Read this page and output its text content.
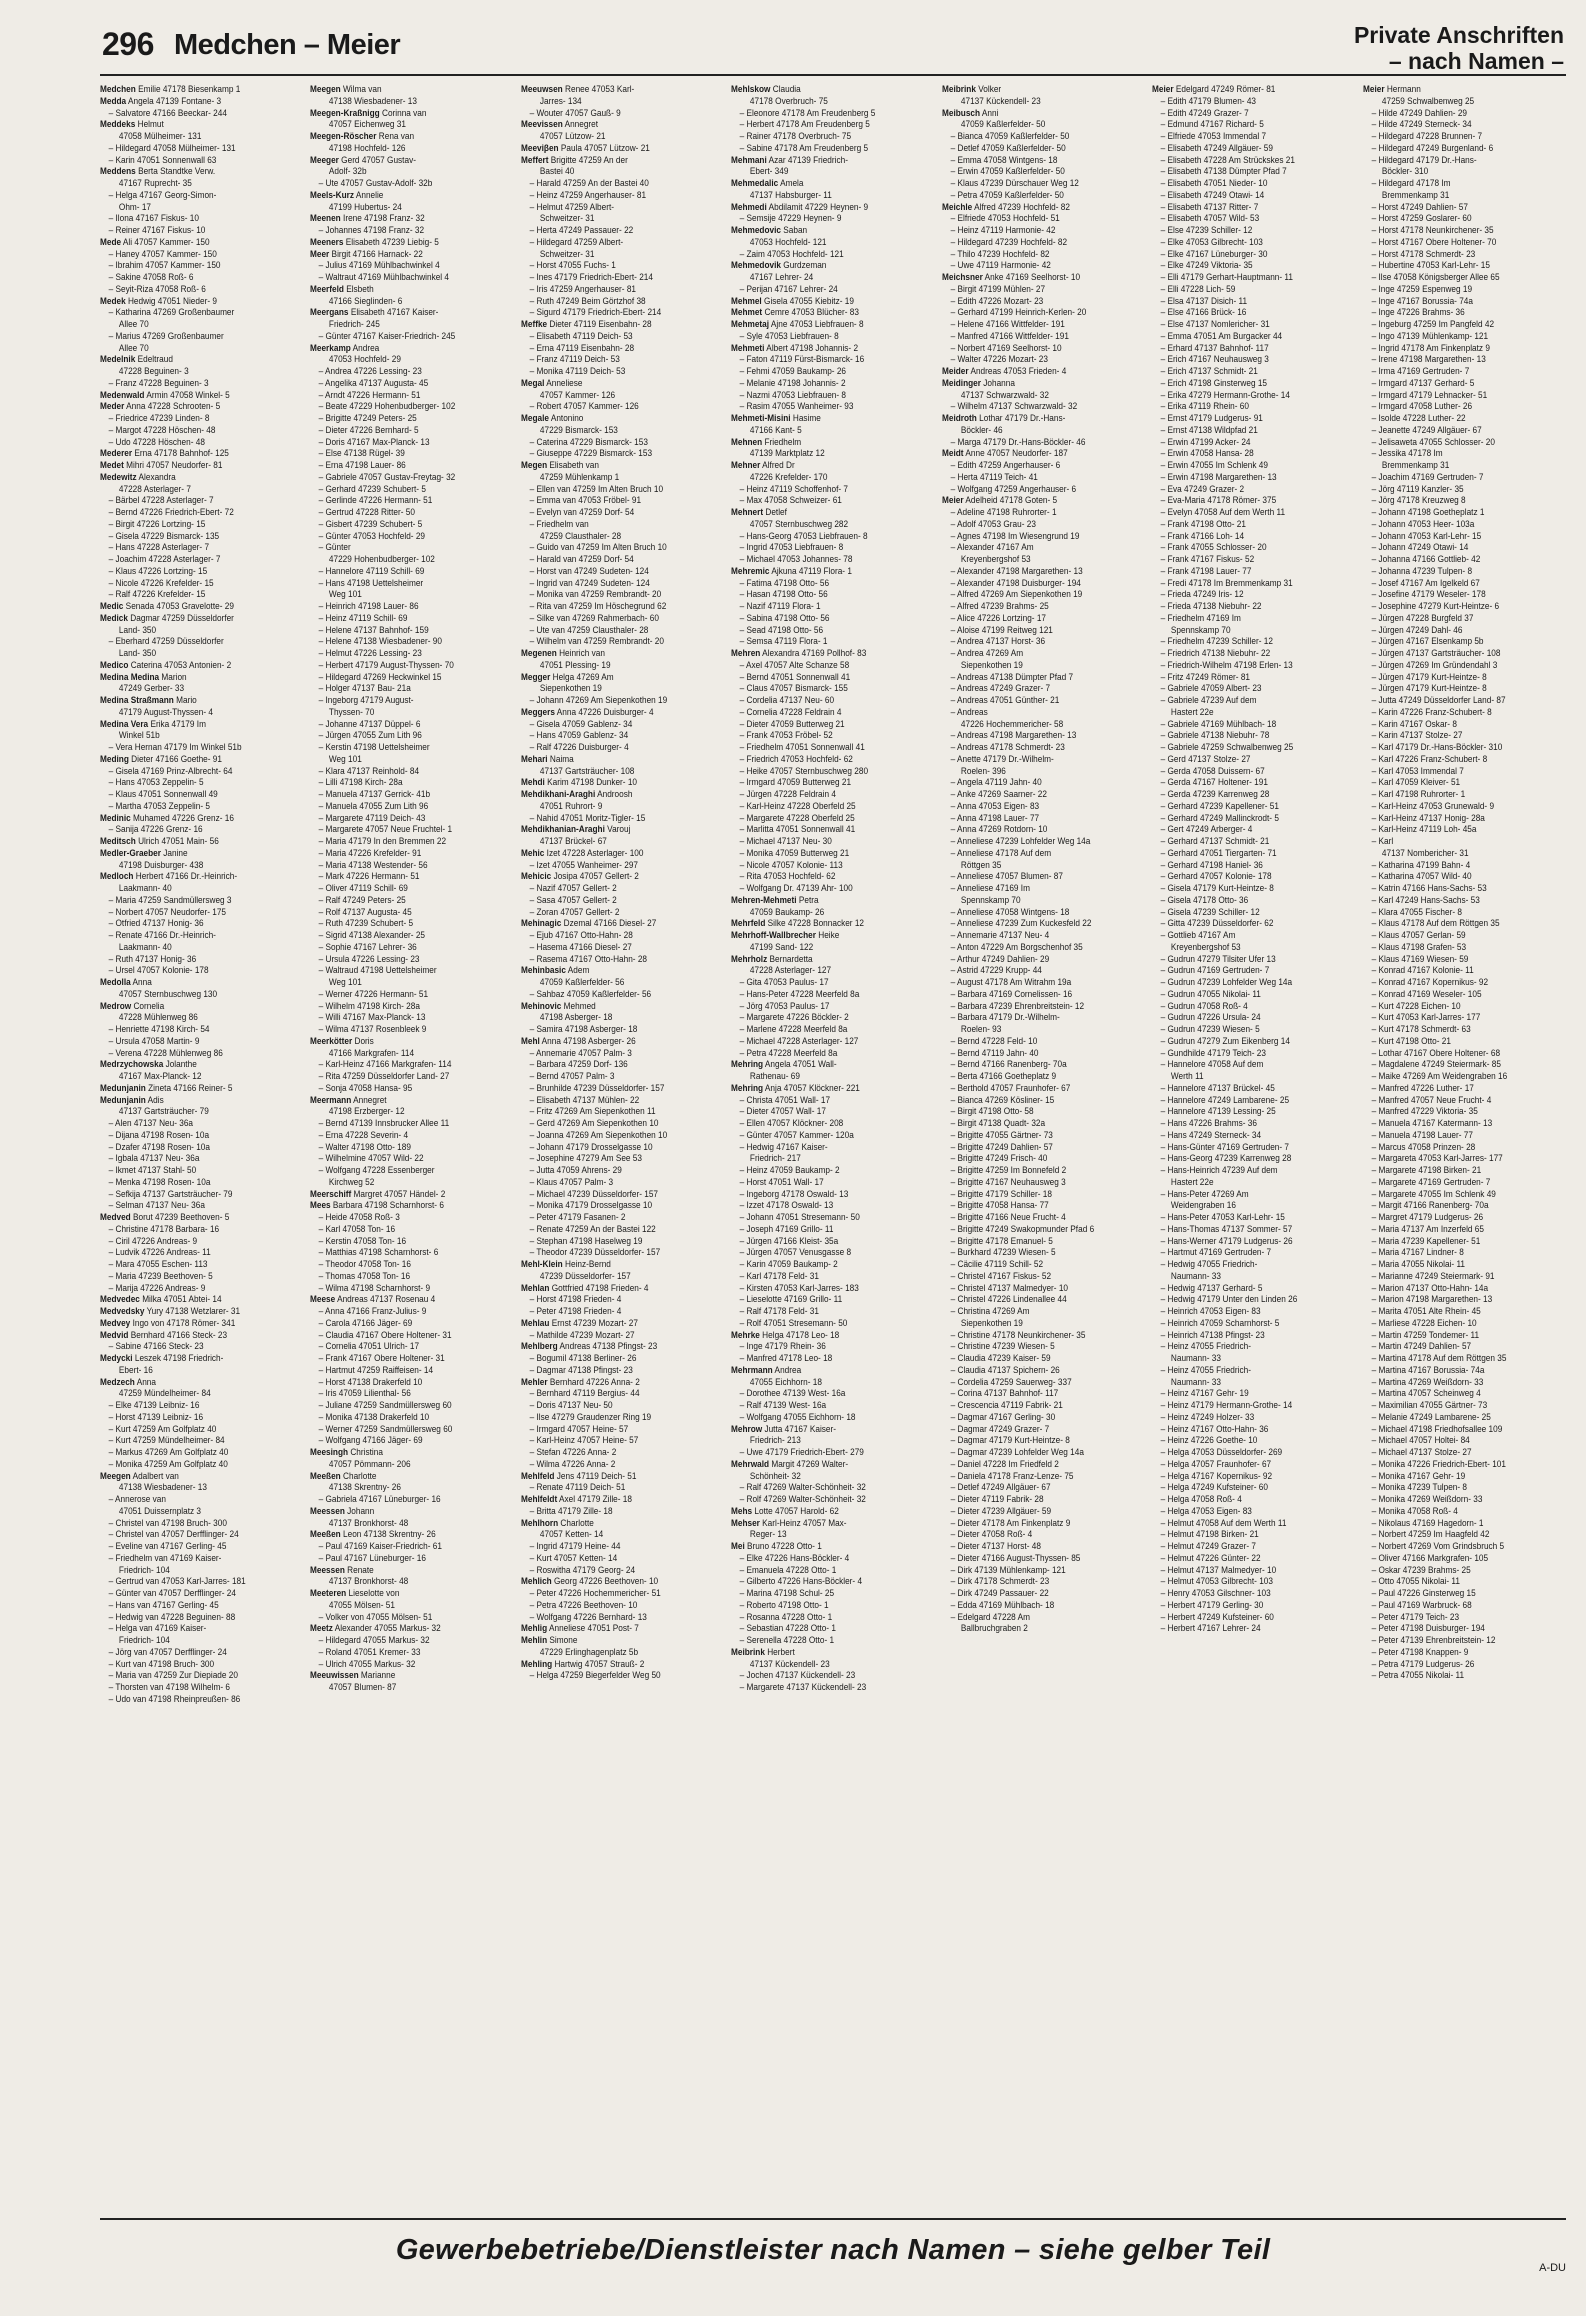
296 Medchen – Meier	Private Anschriften
– nach Namen –
Medchen Emilie 47178 Biesenkamp 1
Medda Angela 47139 Fontane- 3
– Salvatore 47166 Beeckar- 244
Meddeks Helmut
47058 Mülheimer- 131
– Hildegard 47058 Mülheimer- 131
– Karin 47051 Sonnenwall 63
Meddens Berta Standtke Verw.
47167 Ruprecht- 35
– Helga 47167 Georg-Simon-
Ohm- 17
– Ilona 47167 Fiskus- 10
– Reiner 47167 Fiskus- 10
Mede Ali 47057 Kammer- 150
– Haney 47057 Kammer- 150
– Ibrahim 47057 Kammer- 150
– Sakine 47058 Roß- 6
– Seyit-Riza 47058 Roß- 6
Medek Hedwig 47051 Nieder- 9
– Katharina 47269 Großenbaumer
Allee 70
– Marius 47269 Großenbaumer
Allee 70
Medelnik Edeltraud
47228 Beguinen- 3
– Franz 47228 Beguinen- 3
Medenwald Armin 47058 Winkel- 5
Meder Anna 47228 Schrooten- 5
– Friedrice 47239 Linden- 8
– Margot 47228 Höschen- 48
– Udo 47228 Höschen- 48
Mederer Erna 47178 Bahnhof- 125
Medet Mihri 47057 Neudorfer- 81
Medewitz Alexandra
47228 Asterlager- 7
– Bärbel 47228 Asterlager- 7
– Bernd 47226 Friedrich-Ebert- 72
– Birgit 47226 Lortzing- 15
– Gisela 47229 Bismarck- 135
– Hans 47228 Asterlager- 7
– Joachim 47228 Asterlager- 7
– Klaus 47226 Lortzing- 15
– Nicole 47226 Krefelder- 15
– Ralf 47226 Krefelder- 15
Medic Senada 47053 Gravelotte- 29
Medick Dagmar 47259 Düsseldorfer
Land- 350
– Eberhard 47259 Düsseldorfer
Land- 350
Medico Caterina 47053 Antonien- 2
Medina Medina Marion
47249 Gerber- 33
Medina Straßmann Mario
47179 August-Thyssen- 4
Medina Vera Erika 47179 Im
Winkel 51b
– Vera Hernan 47179 Im Winkel 51b
Meding Dieter 47166 Goethe- 91
– Gisela 47169 Prinz-Albrecht- 64
– Hans 47053 Zeppelin- 5
– Klaus 47051 Sonnenwall 49
– Martha 47053 Zeppelin- 5
Medinic Muhamed 47226 Grenz- 16
– Sanija 47226 Grenz- 16
Meditsch Ulrich 47051 Main- 56
Medler-Graeber Janine
47198 Duisburger- 438
Medloch Herbert 47166 Dr.-Heinrich-
Laakmann- 40
– Maria 47259 Sandmüllersweg 3
– Norbert 47057 Neudorfer- 175
– Otfried 47137 Honig- 36
– Renate 47166 Dr.-Heinrich-
Laakmann- 40
– Ruth 47137 Honig- 36
– Ursel 47057 Kolonie- 178
Medolla Anna
47057 Sternbuschweg 130
Medrow Cornelia
47228 Mühlenweg 86
– Henriette 47198 Kirch- 54
– Ursula 47058 Martin- 9
– Verena 47228 Mühlenweg 86
Medrzychowska Jolanthe
47167 Max-Planck- 12
Medunjanin Zineta 47166 Reiner- 5
Medunjanin Adis
47137 Gartsträucher- 79
– Alen 47137 Neu- 36a
– Dijana 47198 Rosen- 10a
– Dzafer 47198 Rosen- 10a
– Igbala 47137 Neu- 36a
– Ikmet 47137 Stahl- 50
– Menka 47198 Rosen- 10a
– Sefkija 47137 Gartsträucher- 79
– Selman 47137 Neu- 36a
Medved Borut 47239 Beethoven- 5
– Christine 47178 Barbara- 16
– Ciril 47226 Andreas- 9
– Ludvik 47226 Andreas- 11
– Mara 47055 Eschen- 113
– Maria 47239 Beethoven- 5
– Marija 47226 Andreas- 9
Medvedec Milka 47051 Abtei- 14
Medvedsky Yury 47138 Wetzlarer- 31
Medvey Ingo von 47178 Römer- 341
Medvid Bernhard 47166 Steck- 23
– Sabine 47166 Steck- 23
Medycki Leszek 47198 Friedrich-
Ebert- 16
Medzech Anna
47259 Mündelheimer- 84
– Elke 47139 Leibniz- 16
– Horst 47139 Leibniz- 16
– Kurt 47259 Am Golfplatz 40
– Kurt 47259 Mündelheimer- 84
– Markus 47269 Am Golfplatz 40
– Monika 47259 Am Golfplatz 40
Meegen Adalbert van
47138 Wiesbadener- 13
– Annerose van
47051 Duissernplatz 3
– Christel van 47198 Bruch- 300
– Christel van 47057 Derfflinger- 24
– Eveline van 47167 Gerling- 45
– Friedhelm van 47169 Kaiser-
Friedrich- 104
– Gertrud van 47053 Karl-Jarres- 181
– Günter van 47057 Derfflinger- 24
– Hans van 47167 Gerling- 45
– Hedwig van 47228 Beguinen- 88
– Helga van 47169 Kaiser-
Friedrich- 104
– Jörg van 47057 Derfflinger- 24
– Kurt van 47198 Bruch- 300
– Maria van 47259 Zur Diepiade 20
– Thorsten van 47198 Wilhelm- 6
– Udo van 47198 Rheinpreußen- 86
Meegen Wilma van
47138 Wiesbadener- 13
Meegen-Kraßnigg Corinna van
47057 Eichenweg 31
Meegen-Röscher Rena van
47198 Hochfeld- 126
Meeger Gerd 47057 Gustav-
Adolf- 32b
– Ute 47057 Gustav-Adolf- 32b
Meels-Kurz Annelie
47199 Hubertus- 24
Meenen Irene 47198 Franz- 32
– Johannes 47198 Franz- 32
Meeners Elisabeth 47239 Liebig- 5
Meer Birgit 47166 Harnack- 22
– Julius 47169 Mühlbachwinkel 4
– Waltraut 47169 Mühlbachwinkel 4
Meerfeld Elsbeth
47166 Sieglinden- 6
Meergans Elisabeth 47167 Kaiser-
Friedrich- 245
– Günter 47167 Kaiser-Friedrich- 245
Meerkamp Andrea
47053 Hochfeld- 29
– Andrea 47226 Lessing- 23
– Angelika 47137 Augusta- 45
– Arndt 47226 Hermann- 51
– Beate 47229 Hohenbudberger- 102
– Brigitte 47249 Peters- 25
– Dieter 47226 Bernhard- 5
– Doris 47167 Max-Planck- 13
– Else 47138 Rügel- 39
– Erna 47198 Lauer- 86
– Gabriele 47057 Gustav-Freytag- 32
– Gerhard 47239 Schubert- 5
– Gerlinde 47226 Hermann- 51
– Gertrud 47228 Ritter- 50
– Gisbert 47239 Schubert- 5
– Günter 47053 Hochfeld- 29
– Günter
47229 Hohenbudberger- 102
– Hannelore 47119 Schill- 69
– Hans 47198 Uettelsheimer
Weg 101
– Heinrich 47198 Lauer- 86
– Heinz 47119 Schill- 69
– Helene 47137 Bahnhof- 159
– Helene 47138 Wiesbadener- 90
– Helmut 47226 Lessing- 23
– Herbert 47179 August-Thyssen- 70
– Hildegard 47269 Heckwinkel 15
– Holger 47137 Bau- 21a
– Ingeborg 47179 August-
Thyssen- 70
– Johanne 47137 Düppel- 6
– Jürgen 47055 Zum Lith 96
– Kerstin 47198 Uettelsheimer
Weg 101
– Klara 47137 Reinhold- 84
– Lilli 47198 Kirch- 28a
– Manuela 47137 Gerrick- 41b
– Manuela 47055 Zum Lith 96
– Margarete 47119 Deich- 43
– Margarete 47057 Neue Fruchtel- 1
– Maria 47179 In den Bremmen 22
– Maria 47226 Krefelder- 91
– Maria 47138 Westender- 56
– Mark 47226 Hermann- 51
– Oliver 47119 Schill- 69
– Ralf 47249 Peters- 25
– Rolf 47137 Augusta- 45
– Ruth 47239 Schubert- 5
– Sigrid 47138 Alexander- 25
– Sophie 47167 Lehrer- 36
– Ursula 47226 Lessing- 23
– Waltraud 47198 Uettelsheimer
Weg 101
– Werner 47226 Hermann- 51
– Wilhelm 47198 Kirch- 28a
– Willi 47167 Max-Planck- 13
– Wilma 47137 Rosenbleek 9
Meerkötter Doris
47166 Markgrafen- 114
– Karl-Heinz 47166 Markgrafen- 114
– Rita 47259 Düsseldorfer Land- 27
– Sonja 47058 Hansa- 95
Meermann Annegret
47198 Erzberger- 12
– Bernd 47139 Innsbrucker Allee 11
– Erna 47228 Severin- 4
– Walter 47198 Otto- 189
– Wilhelmine 47057 Wild- 22
– Wolfgang 47228 Essenberger
Kirchweg 52
Meerschiff Margret 47057 Händel- 2
Mees Barbara 47198 Scharnhorst- 6
– Heide 47058 Roß- 3
– Karl 47058 Ton- 16
– Kerstin 47058 Ton- 16
– Matthias 47198 Scharnhorst- 6
– Theodor 47058 Ton- 16
– Thomas 47058 Ton- 16
– Wilma 47198 Scharnhorst- 9
Meese Andreas 47137 Rosenau 4
– Anna 47166 Franz-Julius- 9
– Carola 47166 Jäger- 69
– Claudia 47167 Obere Holtener- 31
– Cornelia 47051 Ulrich- 17
– Frank 47167 Obere Holtener- 31
– Hartmut 47259 Raiffeisen- 14
– Horst 47138 Drakerfeld 10
– Iris 47059 Lilienthal- 56
– Juliane 47259 Sandmüllersweg 60
– Monika 47138 Drakerfeld 10
– Werner 47259 Sandmüllersweg 60
– Wolfgang 47166 Jäger- 69
Meesingh Christina
47057 Pömmann- 206
Meeßen Charlotte
47138 Skrentny- 26
– Gabriela 47167 Lüneburger- 16
Meessen Johann
47137 Bronkhorst- 48
Meeßen Leon 47138 Skrentny- 26
– Paul 47169 Kaiser-Friedrich- 61
– Paul 47167 Lüneburger- 16
Meessen Renate
47137 Bronkhorst- 48
Meeteren Lieselotte von
47055 Mölsen- 51
– Volker von 47055 Mölsen- 51
Meetz Alexander 47055 Markus- 32
– Hildegard 47055 Markus- 32
– Roland 47051 Kremer- 33
– Ulrich 47055 Markus- 32
Meeuwissen Marianne
47057 Blumen- 87
Meeuwsen Renee 47053 Karl-
Jarres- 134
– Wouter 47057 Gauß- 9
Meevissen Annegret
47057 Lützow- 21
Meeviβen Paula 47057 Lützow- 21
Meffert Brigitte 47259 An der
Bastei 40
– Harald 47259 An der Bastei 40
– Heinz 47259 Angerhauser- 81
– Helmut 47259 Albert-
Schweitzer- 31
– Herta 47249 Passauer- 22
– Hildegard 47259 Albert-
Schweitzer- 31
– Horst 47055 Fuchs- 1
– Ines 47179 Friedrich-Ebert- 214
– Iris 47259 Angerhauser- 81
– Ruth 47249 Beim Görtzhof 38
– Sigurd 47179 Friedrich-Ebert- 214
Meffke Dieter 47119 Eisenbahn- 28
– Elisabeth 47119 Deich- 53
– Erna 47119 Eisenbahn- 28
– Franz 47119 Deich- 53
– Monika 47119 Deich- 53
Megal Anneliese
47057 Kammer- 126
– Robert 47057 Kammer- 126
Megale Antonino
47229 Bismarck- 153
– Caterina 47229 Bismarck- 153
– Giuseppe 47229 Bismarck- 153
Megen Elisabeth van
47259 Mühlenkamp 1
– Ellen van 47259 Im Alten Bruch 10
– Emma van 47053 Fröbel- 91
– Evelyn van 47259 Dorf- 54
– Friedhelm van
47259 Clausthaler- 28
– Guido van 47259 Im Alten Bruch 10
– Harald van 47259 Dorf- 54
– Horst van 47249 Sudeten- 124
– Ingrid van 47249 Sudeten- 124
– Monika van 47259 Rembrandt- 20
– Rita van 47259 Im Höschegrund 62
– Silke van 47269 Rahmerbach- 60
– Ute van 47259 Clausthaler- 28
– Wilhelm van 47259 Rembrandt- 20
Megenen Heinrich van
47051 Plessing- 19
Megger Helga 47269 Am
Siepenkothen 19
– Johann 47269 Am Siepenkothen 19
Meggers Anna 47226 Duisburger- 4
– Gisela 47059 Gablenz- 34
– Hans 47059 Gablenz- 34
– Ralf 47226 Duisburger- 4
Mehari Naima
47137 Gartsträucher- 108
Mehdi Karim 47198 Dunker- 10
Mehdikhani-Araghi Androosh
47051 Ruhrort- 9
– Nahid 47051 Moritz-Tigler- 15
Mehdikhanian-Araghi Varouj
47137 Brückel- 67
Mehic Izet 47228 Asterlager- 100
– Izet 47055 Wanheimer- 297
Mehicic Josipa 47057 Gellert- 2
– Nazif 47057 Gellert- 2
– Sasa 47057 Gellert- 2
– Zoran 47057 Gellert- 2
Mehinagic Dzemal 47166 Diesel- 27
– Ejub 47167 Otto-Hahn- 28
– Hasema 47166 Diesel- 27
– Rasema 47167 Otto-Hahn- 28
Mehinbasic Adem
47059 Kaßlerfelder- 56
– Sahbaz 47059 Kaßlerfelder- 56
Mehinovic Mehmed
47198 Asberger- 18
– Samira 47198 Asberger- 18
Mehl Anna 47198 Asberger- 26
– Annemarie 47057 Palm- 3
– Barbara 47259 Dorf- 136
– Bernd 47057 Palm- 3
– Brunhilde 47239 Düsseldorfer- 157
– Elisabeth 47137 Mühlen- 22
– Fritz 47269 Am Siepenkothen 11
– Gerd 47269 Am Siepenkothen 10
– Joanna 47269 Am Siepenkothen 10
– Johann 47179 Drosselgasse 10
– Josephine 47279 Am See 53
– Jutta 47059 Ahrens- 29
– Klaus 47057 Palm- 3
– Michael 47239 Düsseldorfer- 157
– Monika 47179 Drosselgasse 10
– Peter 47179 Fasanen- 2
– Renate 47259 An der Bastei 122
– Stephan 47198 Haselweg 19
– Theodor 47239 Düsseldorfer- 157
Mehl-Klein Heinz-Bernd
47239 Düsseldorfer- 157
Mehlan Gottfried 47198 Frieden- 4
– Horst 47198 Frieden- 4
– Peter 47198 Frieden- 4
Mehlau Ernst 47239 Mozart- 27
– Mathilde 47239 Mozart- 27
Mehlberg Andreas 47138 Pfingst- 23
– Bogumil 47138 Berliner- 26
– Dagmar 47138 Pfingst- 23
Mehler Bernhard 47226 Anna- 2
– Bernhard 47119 Bergius- 44
– Doris 47137 Neu- 50
– Ilse 47279 Graudenzer Ring 19
– Irmgard 47057 Heine- 57
– Karl-Heinz 47057 Heine- 57
– Stefan 47226 Anna- 2
– Wilma 47226 Anna- 2
Mehlfeld Jens 47119 Deich- 51
– Renate 47119 Deich- 51
Mehlfeldt Axel 47179 Zille- 18
– Britta 47179 Zille- 18
Mehlhorn Charlotte
47057 Ketten- 14
– Ingrid 47179 Heine- 44
– Kurt 47057 Ketten- 14
– Roswitha 47179 Georg- 24
Mehlich Georg 47226 Beethoven- 10
– Peter 47226 Hochemmericher- 51
– Petra 47226 Beethoven- 10
– Wolfgang 47226 Bernhard- 13
Mehlig Anneliese 47051 Post- 7
Mehlin Simone
47229 Erlinghagenplatz 5b
Mehling Hartwig 47057 Strauß- 2
– Helga 47259 Biegerfelder Weg 50
Mehlskow Claudia
47178 Overbruch- 75
– Eleonore 47178 Am Freudenberg 5
– Herbert 47178 Am Freudenberg 5
– Rainer 47178 Overbruch- 75
– Sabine 47178 Am Freudenberg 5
Mehmani Azar 47139 Friedrich-
Ebert- 349
Mehmedalic Amela
47137 Habsburger- 11
Mehmedi Abdilamit 47229 Heynen- 9
– Semsije 47229 Heynen- 9
Mehmedovic Saban
47053 Hochfeld- 121
– Zaim 47053 Hochfeld- 121
Mehmedovik Gurdzeman
47167 Lehrer- 24
– Perijan 47167 Lehrer- 24
Mehmel Gisela 47055 Kiebitz- 19
Mehmet Cemre 47053 Blücher- 83
Mehmetaj Ajne 47053 Liebfrauen- 8
– Syle 47053 Liebfrauen- 8
Mehmeti Albert 47198 Johannis- 2
– Faton 47119 Fürst-Bismarck- 16
– Fehmi 47059 Baukamp- 26
– Melanie 47198 Johannis- 2
– Nazmi 47053 Liebfrauen- 8
– Rasim 47055 Wanheimer- 93
Mehmeti-Misini Hasime
47166 Kant- 5
Mehnen Friedhelm
47139 Marktplatz 12
Mehner Alfred Dr
47226 Krefelder- 170
– Heinz 47119 Schoffenhof- 7
– Max 47058 Schweizer- 61
Mehnert Detlef
47057 Sternbuschweg 282
– Hans-Georg 47053 Liebfrauen- 8
– Ingrid 47053 Liebfrauen- 8
– Michael 47053 Johannes- 78
Mehremic Ajkuna 47119 Flora- 1
– Fatima 47198 Otto- 56
– Hasan 47198 Otto- 56
– Nazif 47119 Flora- 1
– Sabina 47198 Otto- 56
– Sead 47198 Otto- 56
– Semsa 47119 Flora- 1
Mehren Alexandra 47169 Pollhof- 83
– Axel 47057 Alte Schanze 58
– Bernd 47051 Sonnenwall 41
– Claus 47057 Bismarck- 155
– Cordelia 47137 Neu- 60
– Cornelia 47228 Feldrain 4
– Dieter 47059 Butterweg 21
– Frank 47053 Fröbel- 52
– Friedhelm 47051 Sonnenwall 41
– Friedrich 47053 Hochfeld- 62
– Heike 47057 Sternbuschweg 280
– Irmgard 47059 Butterweg 21
– Jürgen 47228 Feldrain 4
– Karl-Heinz 47228 Oberfeld 25
– Margarete 47228 Oberfeld 25
– Marlitta 47051 Sonnenwall 41
– Michael 47137 Neu- 30
– Monika 47059 Butterweg 21
– Nicole 47057 Kolonie- 113
– Rita 47053 Hochfeld- 62
– Wolfgang Dr. 47139 Ahr- 100
Mehren-Mehmeti Petra
47059 Baukamp- 26
Mehrfeld Silke 47228 Bonnacker 12
Mehrhoff-Wallbrecher Heike
47199 Sand- 122
Mehrholz Bernardetta
47228 Asterlager- 127
– Gita 47053 Paulus- 17
– Hans-Peter 47228 Meerfeld 8a
– Jörg 47053 Paulus- 17
– Margarete 47226 Böckler- 2
– Marlene 47228 Meerfeld 8a
– Michael 47228 Asterlager- 127
– Petra 47228 Meerfeld 8a
Mehring Angela 47051 Wall-
Rathenau- 69
Mehring Anja 47057 Klöckner- 221
– Christa 47051 Wall- 17
– Dieter 47057 Wall- 17
– Ellen 47057 Klöckner- 208
– Günter 47057 Kammer- 120a
– Hedwig 47167 Kaiser-
Friedrich- 217
– Heinz 47059 Baukamp- 2
– Horst 47051 Wall- 17
– Ingeborg 47178 Oswald- 13
– Izzet 47178 Oswald- 13
– Johann 47051 Stresemann- 50
– Joseph 47169 Grillo- 11
– Jürgen 47166 Kleist- 35a
– Jürgen 47057 Venusgasse 8
– Karin 47059 Baukamp- 2
– Karl 47178 Feld- 31
– Kirsten 47053 Karl-Jarres- 183
– Lieselotte 47169 Grillo- 11
– Ralf 47178 Feld- 31
– Rolf 47051 Stresemann- 50
Mehrke Helga 47178 Leo- 18
– Inge 47179 Rhein- 36
– Manfred 47178 Leo- 18
Mehrmann Andrea
47055 Eichhorn- 18
– Dorothee 47139 West- 16a
– Ralf 47139 West- 16a
– Wolfgang 47055 Eichhorn- 18
Mehrow Jutta 47167 Kaiser-
Friedrich- 213
– Uwe 47179 Friedrich-Ebert- 279
Mehrwald Margit 47269 Walter-
Schönheit- 32
– Ralf 47269 Walter-Schönheit- 32
– Rolf 47269 Walter-Schönheit- 32
Mehs Lotte 47057 Harold- 62
Mehser Karl-Heinz 47057 Max-
Reger- 13
Mei Bruno 47228 Otto- 1
– Elke 47226 Hans-Böckler- 4
– Emanuela 47228 Otto- 1
– Gilberto 47226 Hans-Böckler- 4
– Marina 47198 Schul- 25
– Roberto 47198 Otto- 1
– Rosanna 47228 Otto- 1
– Sebastian 47228 Otto- 1
– Serenella 47228 Otto- 1
Meibrink Herbert
47137 Kückendell- 23
– Jochen 47137 Kückendell- 23
– Margarete 47137 Kückendell- 23
Meibrink Volker
47137 Kückendell- 23
Meibusch Anni
47059 Kaßlerfelder- 50
– Bianca 47059 Kaßlerfelder- 50
– Detlef 47059 Kaßlerfelder- 50
– Emma 47058 Wintgens- 18
– Erwin 47059 Kaßlerfelder- 50
– Klaus 47239 Dürschauer Weg 12
– Petra 47059 Kaßlerfelder- 50
Meichle Alfred 47239 Hochfeld- 82
– Elfriede 47053 Hochfeld- 51
– Heinz 47119 Harmonie- 42
– Hildegard 47239 Hochfeld- 82
– Thilo 47239 Hochfeld- 82
– Uwe 47119 Harmonie- 42
Meichsner Anke 47169 Seelhorst- 10
– Birgit 47199 Mühlen- 27
– Edith 47226 Mozart- 23
– Gerhard 47199 Heinrich-Kerlen- 20
– Helene 47166 Wittfelder- 191
– Manfred 47166 Wittfelder- 191
– Norbert 47169 Seelhorst- 10
– Walter 47226 Mozart- 23
Meider Andreas 47053 Frieden- 4
Meidinger Johanna
47137 Schwarzwald- 32
– Wilhelm 47137 Schwarzwald- 32
Meidroth Lothar 47179 Dr.-Hans-
Böckler- 46
– Marga 47179 Dr.-Hans-Böckler- 46
Meidt Anne 47057 Neudorfer- 187
– Edith 47259 Angerhauser- 6
– Herta 47119 Teich- 41
– Wolfgang 47259 Angerhauser- 6
Meier Adelheid 47178 Goten- 5
– Adeline 47198 Ruhrorter- 1
– Adolf 47053 Grau- 23
– Agnes 47198 Im Wiesengrund 19
– Alexander 47167 Am
Kreyenbergshof 53
– Alexander 47198 Margarethen- 13
– Alexander 47198 Duisburger- 194
– Alfred 47269 Am Siepenkothen 19
– Alfred 47239 Brahms- 25
– Alice 47226 Lortzing- 17
– Aloise 47199 Reitweg 121
– Andrea 47137 Horst- 36
– Andrea 47269 Am
Siepenkothen 19
– Andreas 47138 Dümpter Pfad 7
– Andreas 47249 Grazer- 7
– Andreas 47051 Günther- 21
– Andreas
47226 Hochemmericher- 58
– Andreas 47198 Margarethen- 13
– Andreas 47178 Schmerdt- 23
– Anette 47179 Dr.-Wilhelm-
Roelen- 396
– Angela 47119 Jahn- 40
– Anke 47269 Saarner- 22
– Anna 47053 Eigen- 83
– Anna 47198 Lauer- 77
– Anna 47269 Rotdorn- 10
– Anneliese 47239 Lohfelder Weg 14a
– Anneliese 47178 Auf dem
Röttgen 35
– Anneliese 47057 Blumen- 87
– Anneliese 47169 Im
Spennskamp 70
– Anneliese 47058 Wintgens- 18
– Anneliese 47239 Zum Kuckesfeld 22
– Annemarie 47137 Neu- 4
– Anton 47229 Am Borgschenhof 35
– Arthur 47249 Dahlien- 29
– Astrid 47229 Krupp- 44
– August 47178 Am Witrahm 19a
– Barbara 47169 Cornelissen- 16
– Barbara 47239 Ehrenbreitstein- 12
– Barbara 47179 Dr.-Wilhelm-
Roelen- 93
– Bernd 47228 Feld- 10
– Bernd 47119 Jahn- 40
– Bernd 47166 Ranenberg- 70a
– Berta 47166 Goetheplatz 9
– Berthold 47057 Fraunhofer- 67
– Bianca 47269 Kösliner- 15
– Birgit 47198 Otto- 58
– Birgit 47138 Quadt- 32a
– Brigitte 47055 Gärtner- 73
– Brigitte 47249 Dahlien- 57
– Brigitte 47249 Frisch- 40
– Brigitte 47259 Im Bonnefeld 2
– Brigitte 47167 Neuhausweg 3
– Brigitte 47179 Schiller- 18
– Brigitte 47058 Hansa- 77
– Brigitte 47166 Neue Frucht- 4
– Brigitte 47249 Swakopmunder Pfad 6
– Brigitte 47178 Emanuel- 5
– Burkhard 47239 Wiesen- 5
– Cäcilie 47119 Schill- 52
– Christel 47167 Fiskus- 52
– Christel 47137 Malmedyer- 10
– Christel 47226 Lindenallee 44
– Christina 47269 Am
Siepenkothen 19
– Christine 47178 Neunkirchener- 35
– Christine 47239 Wiesen- 5
– Claudia 47239 Kaiser- 59
– Claudia 47137 Spichern- 26
– Cordelia 47259 Sauerweg- 337
– Corina 47137 Bahnhof- 117
– Crescencia 47119 Fabrik- 21
– Dagmar 47167 Gerling- 30
– Dagmar 47249 Grazer- 7
– Dagmar 47179 Kurt-Heintze- 8
– Dagmar 47239 Lohfelder Weg 14a
– Daniel 47228 Im Friedfeld 2
– Daniela 47178 Franz-Lenze- 75
– Detlef 47249 Allgäuer- 67
– Dieter 47119 Fabrik- 28
– Dieter 47239 Allgäuer- 59
– Dieter 47178 Am Finkenplatz 9
– Dieter 47058 Roß- 4
– Dieter 47137 Horst- 48
– Dieter 47166 August-Thyssen- 85
– Dirk 47139 Mühlenkamp- 121
– Dirk 47178 Schmerdt- 23
– Dirk 47249 Passauer- 22
– Edda 47169 Mühlbach- 18
– Edelgard 47228 Am
Ballbruchgraben 2
Meier Edelgard 47249 Römer- 81
– Edith 47179 Blumen- 43
– Edith 47249 Grazer- 7
– Edmund 47167 Richard- 5
– Elfriede 47053 Immendal 7
– Elisabeth 47249 Allgäuer- 59
– Elisabeth 47228 Am Strückskes 21
– Elisabeth 47138 Dümpter Pfad 7
– Elisabeth 47051 Nieder- 10
– Elisabeth 47249 Otawi- 14
– Elisabeth 47137 Ritter- 7
– Elisabeth 47057 Wild- 53
– Else 47239 Schiller- 12
– Elke 47053 Gilbrecht- 103
– Elke 47167 Lüneburger- 30
– Elke 47249 Viktoria- 35
– Elli 47179 Gerhart-Hauptmann- 11
– Elli 47228 Lich- 59
– Elsa 47137 Disich- 11
– Else 47166 Brück- 16
– Else 47137 Nomlericher- 31
– Emma 47051 Am Burgacker 44
– Erhard 47137 Bahnhof- 117
– Erich 47167 Neuhausweg 3
– Erich 47137 Schmidt- 21
– Erich 47198 Ginsterweg 15
– Erika 47279 Hermann-Grothe- 14
– Erika 47119 Rhein- 60
– Ernst 47179 Ludgerus- 91
– Ernst 47138 Wildpfad 21
– Erwin 47199 Acker- 24
– Erwin 47058 Hansa- 28
– Erwin 47055 Im Schlenk 49
– Erwin 47198 Margarethen- 13
– Eva 47249 Grazer- 2
– Eva-Maria 47178 Römer- 375
– Evelyn 47058 Auf dem Werth 11
– Frank 47198 Otto- 21
– Frank 47166 Loh- 14
– Frank 47055 Schlosser- 20
– Frank 47167 Fiskus- 52
– Frank 47198 Lauer- 77
– Fredi 47178 Im Bremmenkamp 31
– Frieda 47249 Iris- 12
– Frieda 47138 Niebuhr- 22
– Friedhelm 47169 Im
Spennskamp 70
– Friedhelm 47239 Schiller- 12
– Friedrich 47138 Niebuhr- 22
– Friedrich-Wilhelm 47198 Erlen- 13
– Fritz 47249 Römer- 81
– Gabriele 47059 Albert- 23
– Gabriele 47239 Auf dem
Hastert 22e
– Gabriele 47169 Mühlbach- 18
– Gabriele 47138 Niebuhr- 78
– Gabriele 47259 Schwalbenweg 25
– Gerd 47137 Stolze- 27
– Gerda 47058 Duissern- 67
– Gerda 47167 Holtener- 191
– Gerda 47239 Karrenweg 28
– Gerhard 47239 Kapellener- 51
– Gerhard 47249 Mallinckrodt- 5
– Gert 47249 Arberger- 4
– Gerhard 47137 Schmidt- 21
– Gerhard 47051 Tiergarten- 71
– Gerhard 47198 Haniel- 36
– Gerhard 47057 Kolonie- 178
– Gisela 47179 Kurt-Heintze- 8
– Gisela 47178 Otto- 36
– Gisela 47239 Schiller- 12
– Gitta 47239 Düsseldorfer- 62
– Gottlieb 47167 Am
Kreyenbergshof 53
– Gudrun 47279 Tilsiter Ufer 13
– Gudrun 47169 Gertruden- 7
– Gudrun 47239 Lohfelder Weg 14a
– Gudrun 47055 Nikolai- 11
– Gudrun 47058 Roß- 4
– Gudrun 47226 Ursula- 24
– Gudrun 47239 Wiesen- 5
– Gudrun 47279 Zum Eikenberg 14
– Gundhilde 47179 Teich- 23
– Hannelore 47058 Auf dem
Werth 11
– Hannelore 47137 Brückel- 45
– Hannelore 47249 Lambarene- 25
– Hannelore 47139 Lessing- 25
– Hans 47226 Brahms- 36
– Hans 47249 Sterneck- 34
– Hans-Günter 47169 Gertruden- 7
– Hans-Georg 47239 Karrenweg 28
– Hans-Heinrich 47239 Auf dem
Hastert 22e
– Hans-Peter 47269 Am
Weidengraben 16
– Hans-Peter 47053 Karl-Lehr- 15
– Hans-Thomas 47137 Sommer- 57
– Hans-Werner 47179 Ludgerus- 26
– Hartmut 47169 Gertruden- 7
– Hedwig 47055 Friedrich-
Naumann- 33
– Hedwig 47137 Gerhard- 5
– Hedwig 47179 Unter den Linden 26
– Heinrich 47053 Eigen- 83
– Heinrich 47059 Scharnhorst- 5
– Heinrich 47138 Pfingst- 23
– Heinz 47055 Friedrich-
Naumann- 33
– Heinz 47055 Friedrich-
Naumann- 33
– Heinz 47167 Gehr- 19
– Heinz 47179 Hermann-Grothe- 14
– Heinz 47249 Holzer- 33
– Heinz 47167 Otto-Hahn- 36
– Heinz 47226 Goethe- 10
– Helga 47053 Düsseldorfer- 269
– Helga 47057 Fraunhofer- 67
– Helga 47167 Kopernikus- 92
– Helga 47249 Kufsteiner- 60
– Helga 47058 Roß- 4
– Helga 47053 Eigen- 83
– Helmut 47058 Auf dem Werth 11
– Helmut 47198 Birken- 21
– Helmut 47249 Grazer- 7
– Helmut 47226 Günter- 22
– Helmut 47137 Malmedyer- 10
– Helmut 47053 Gilbrecht- 103
– Henry 47053 Gilschner- 103
– Herbert 47179 Gerling- 30
– Herbert 47249 Kufsteiner- 60
– Herbert 47167 Lehrer- 24
Meier Hermann
47259 Schwalbenweg 25
– Hilde 47249 Dahlien- 29
– Hilde 47249 Sterneck- 34
– Hildegard 47228 Brunnen- 7
– Hildegard 47249 Burgenland- 6
– Hildegard 47179 Dr.-Hans-
Böckler- 310
– Hildegard 47178 Im
Bremmenkamp 31
– Horst 47249 Dahlien- 57
– Horst 47259 Goslarer- 60
– Horst 47178 Neunkirchener- 35
– Horst 47167 Obere Holtener- 70
– Horst 47178 Schmerdt- 23
– Hubertine 47053 Karl-Lehr- 15
– Ilse 47058 Königsberger Allee 65
– Inge 47259 Espenweg 19
– Inge 47167 Borussia- 74a
– Inge 47226 Brahms- 36
– Ingeburg 47259 Im Pangfeld 42
– Ingo 47139 Mühlenkamp- 121
– Ingrid 47178 Am Finkenplatz 9
– Irene 47198 Margarethen- 13
– Irma 47169 Gertruden- 7
– Irmgard 47137 Gerhard- 5
– Irmgard 47179 Lehnacker- 51
– Irmgard 47058 Luther- 26
– Isolde 47228 Luther- 22
– Jeanette 47249 Allgäuer- 67
– Jelisaweta 47055 Schlosser- 20
– Jessika 47178 Im
Bremmenkamp 31
– Joachim 47169 Gertruden- 7
– Jörg 47119 Kanzler- 35
– Jörg 47178 Kreuzweg 8
– Johann 47198 Goetheplatz 1
– Johann 47053 Heer- 103a
– Johann 47053 Karl-Lehr- 15
– Johann 47249 Otawi- 14
– Johanna 47166 Gottlieb- 42
– Johanna 47239 Tulpen- 8
– Josef 47167 Am Igelkeld 67
– Josefine 47179 Weseler- 178
– Josephine 47279 Kurt-Heintze- 6
– Jürgen 47228 Burgfeld 37
– Jürgen 47249 Dahl- 46
– Jürgen 47167 Elsenkamp 5b
– Jürgen 47137 Gartsträucher- 108
– Jürgen 47269 Im Gründendahl 3
– Jürgen 47179 Kurt-Heintze- 8
– Jürgen 47179 Kurt-Heintze- 8
– Jutta 47249 Düsseldorfer Land- 87
– Karin 47226 Franz-Schubert- 8
– Karin 47167 Oskar- 8
– Karin 47137 Stolze- 27
– Karl 47179 Dr.-Hans-Böckler- 310
– Karl 47226 Franz-Schubert- 8
– Karl 47053 Immendal 7
– Karl 47059 Kleiver- 51
– Karl 47198 Ruhrorter- 1
– Karl-Heinz 47053 Grunewald- 9
– Karl-Heinz 47137 Honig- 28a
– Karl-Heinz 47119 Loh- 45a
– Karl
47137 Nombericher- 31
– Katharina 47199 Bahn- 4
– Katharina 47057 Wild- 40
– Katrin 47166 Hans-Sachs- 53
– Karl 47249 Hans-Sachs- 53
– Klara 47055 Fischer- 8
– Klaus 47178 Auf dem Röttgen 35
– Klaus 47057 Gerlan- 59
– Klaus 47198 Grafen- 53
– Klaus 47169 Wiesen- 59
– Konrad 47167 Kolonie- 11
– Konrad 47167 Kopernikus- 92
– Konrad 47169 Weseler- 105
– Kurt 47228 Eichen- 10
– Kurt 47053 Karl-Jarres- 177
– Kurt 47178 Schmerdt- 63
– Kurt 47198 Otto- 21
– Lothar 47167 Obere Holtener- 68
– Magdalene 47249 Steiermark- 85
– Maike 47269 Am Weidengraben 16
– Manfred 47226 Luther- 17
– Manfred 47057 Neue Frucht- 4
– Manfred 47229 Viktoria- 35
– Manuela 47167 Katermann- 13
– Manuela 47198 Lauer- 77
– Marcus 47058 Prinzen- 28
– Margareta 47053 Karl-Jarres- 177
– Margarete 47198 Birken- 21
– Margarete 47169 Gertruden- 7
– Margarete 47055 Im Schlenk 49
– Margit 47166 Ranenberg- 70a
– Margret 47179 Ludgerus- 26
– Maria 47137 Am Inzerfeld 65
– Maria 47239 Kapellener- 51
– Maria 47167 Lindner- 8
– Maria 47055 Nikolai- 11
– Marianne 47249 Steiermark- 91
– Marion 47137 Otto-Hahn- 14a
– Marion 47198 Margarethen- 13
– Marita 47051 Alte Rhein- 45
– Marliese 47228 Eichen- 10
– Martin 47259 Tondemer- 11
– Martin 47249 Dahlien- 57
– Martina 47178 Auf dem Röttgen 35
– Martina 47167 Borussia- 74a
– Martina 47269 Weißdorn- 33
– Martina 47057 Scheinweg 4
– Maximilian 47055 Gärtner- 73
– Melanie 47249 Lambarene- 25
– Michael 47198 Friedhofsallee 109
– Michael 47057 Holtei- 84
– Michael 47137 Stolze- 27
– Monika 47226 Friedrich-Ebert- 101
– Monika 47167 Gehr- 19
– Monika 47239 Tulpen- 8
– Monika 47269 Weißdorn- 33
– Monika 47058 Roß- 4
– Nikolaus 47169 Hagedorn- 1
– Norbert 47259 Im Haagfeld 42
– Norbert 47269 Vom Grindsbruch 5
– Oliver 47166 Markgrafen- 105
– Oskar 47239 Brahms- 25
– Otto 47055 Nikolai- 11
– Paul 47226 Ginsterweg 15
– Paul 47169 Warbruck- 68
– Peter 47179 Teich- 23
– Peter 47198 Duisburger- 194
– Peter 47139 Ehrenbreitstein- 12
– Peter 47198 Knappen- 9
– Petra 47179 Ludgerus- 26
– Petra 47055 Nikolai- 11
Gewerbebetriebe/Dienstleister nach Namen – siehe gelber Teil
A-DU
